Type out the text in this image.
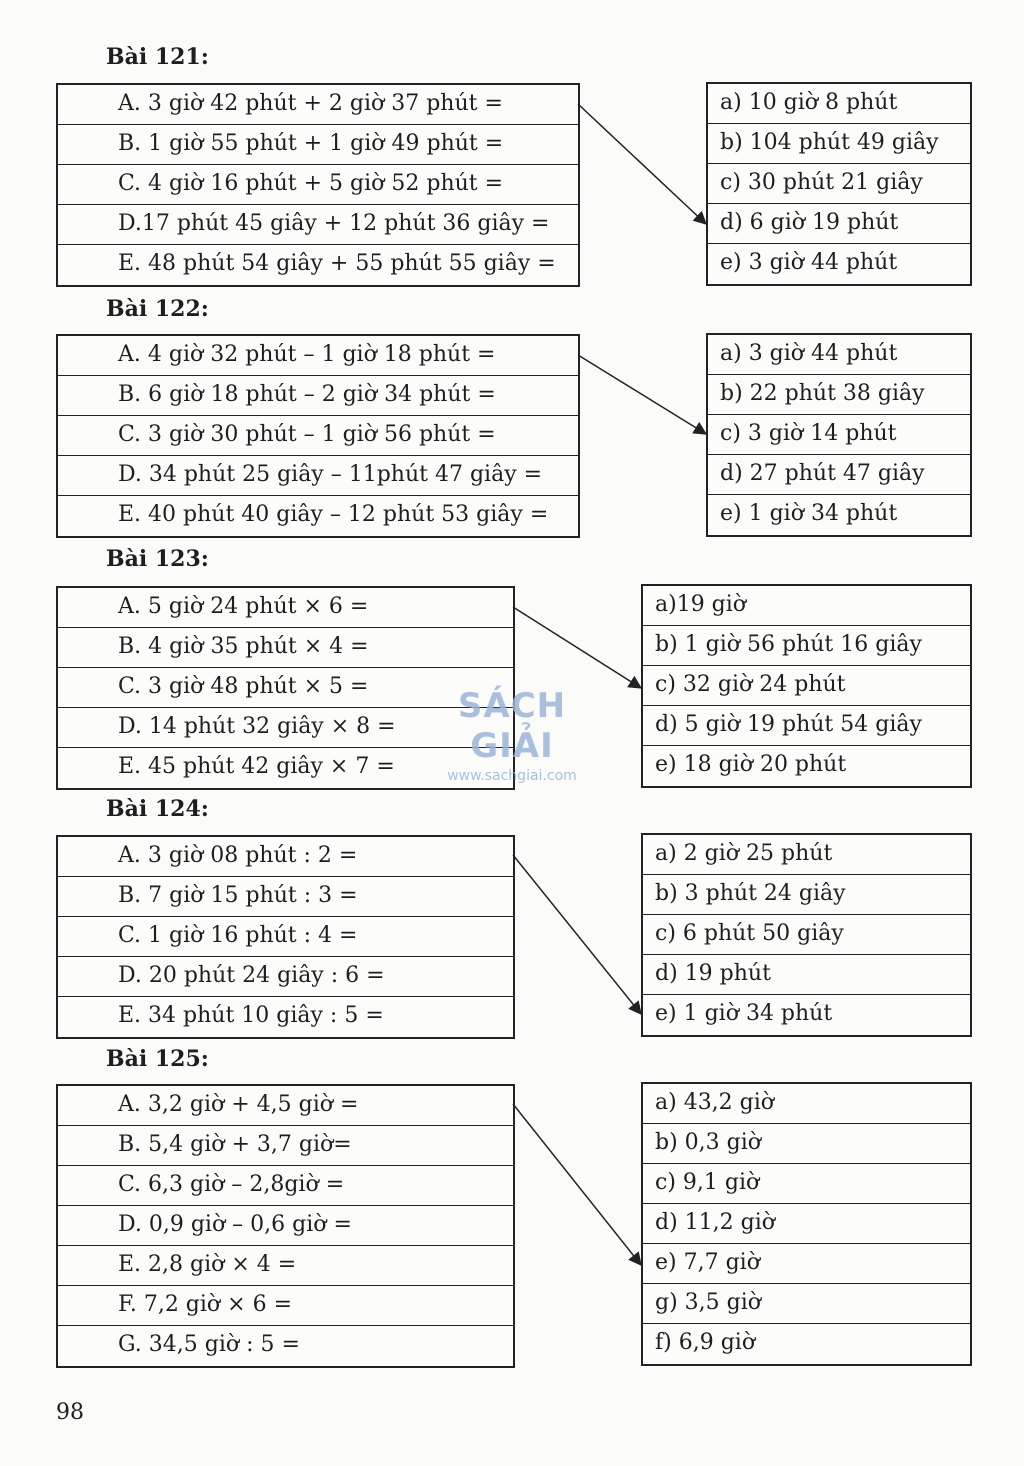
Bài 121:
A. 3 giờ 42 phút + 2 giờ 37 phút =
B. 1 giờ 55 phút + 1 giờ 49 phút =
C. 4 giờ 16 phút + 5 giờ 52 phút =
D.17 phút 45 giây + 12 phút 36 giây =
E. 48 phút 54 giây + 55 phút 55 giây =
a) 10 giờ 8 phút
b) 104 phút 49 giây
c) 30 phút 21 giây
d) 6 giờ 19 phút
e) 3 giờ 44 phút
Bài 122:
A. 4 giờ 32 phút – 1 giờ 18 phút =
B. 6 giờ 18 phút – 2 giờ 34 phút =
C. 3 giờ 30 phút – 1 giờ 56 phút =
D. 34 phút 25 giây – 11phút 47 giây =
E. 40 phút 40 giây – 12 phút 53 giây =
a) 3 giờ 44 phút
b) 22 phút 38 giây
c) 3 giờ 14 phút
d) 27 phút 47 giây
e) 1 giờ 34 phút
Bài 123:
A. 5 giờ 24 phút × 6 =
B. 4 giờ 35 phút × 4 =
C. 3 giờ 48 phút × 5 =
D. 14 phút 32 giây × 8 =
E. 45 phút 42 giây × 7 =
a)19 giờ
b) 1 giờ 56 phút 16 giây
c) 32 giờ 24 phút
d) 5 giờ 19 phút 54 giây
e) 18 giờ 20 phút
Bài 124:
A. 3 giờ 08 phút : 2 =
B. 7 giờ 15 phút : 3 =
C. 1 giờ 16 phút : 4 =
D. 20 phút 24 giây : 6 =
E. 34 phút 10 giây : 5 =
a) 2 giờ 25 phút
b) 3 phút 24 giây
c) 6 phút 50 giây
d) 19 phút
e) 1 giờ 34 phút
Bài 125:
A. 3,2 giờ + 4,5 giờ =
B. 5,4 giờ + 3,7 giờ=
C. 6,3 giờ – 2,8giờ =
D. 0,9 giờ – 0,6 giờ =
E. 2,8 giờ × 4 =
F. 7,2 giờ × 6 =
G. 34,5 giờ : 5 =
a) 43,2 giờ
b) 0,3 giờ
c) 9,1 giờ
d) 11,2 giờ
e) 7,7 giờ
g) 3,5 giờ
f) 6,9 giờ
SÁCH GIẢI
www.sachgiai.com
98
